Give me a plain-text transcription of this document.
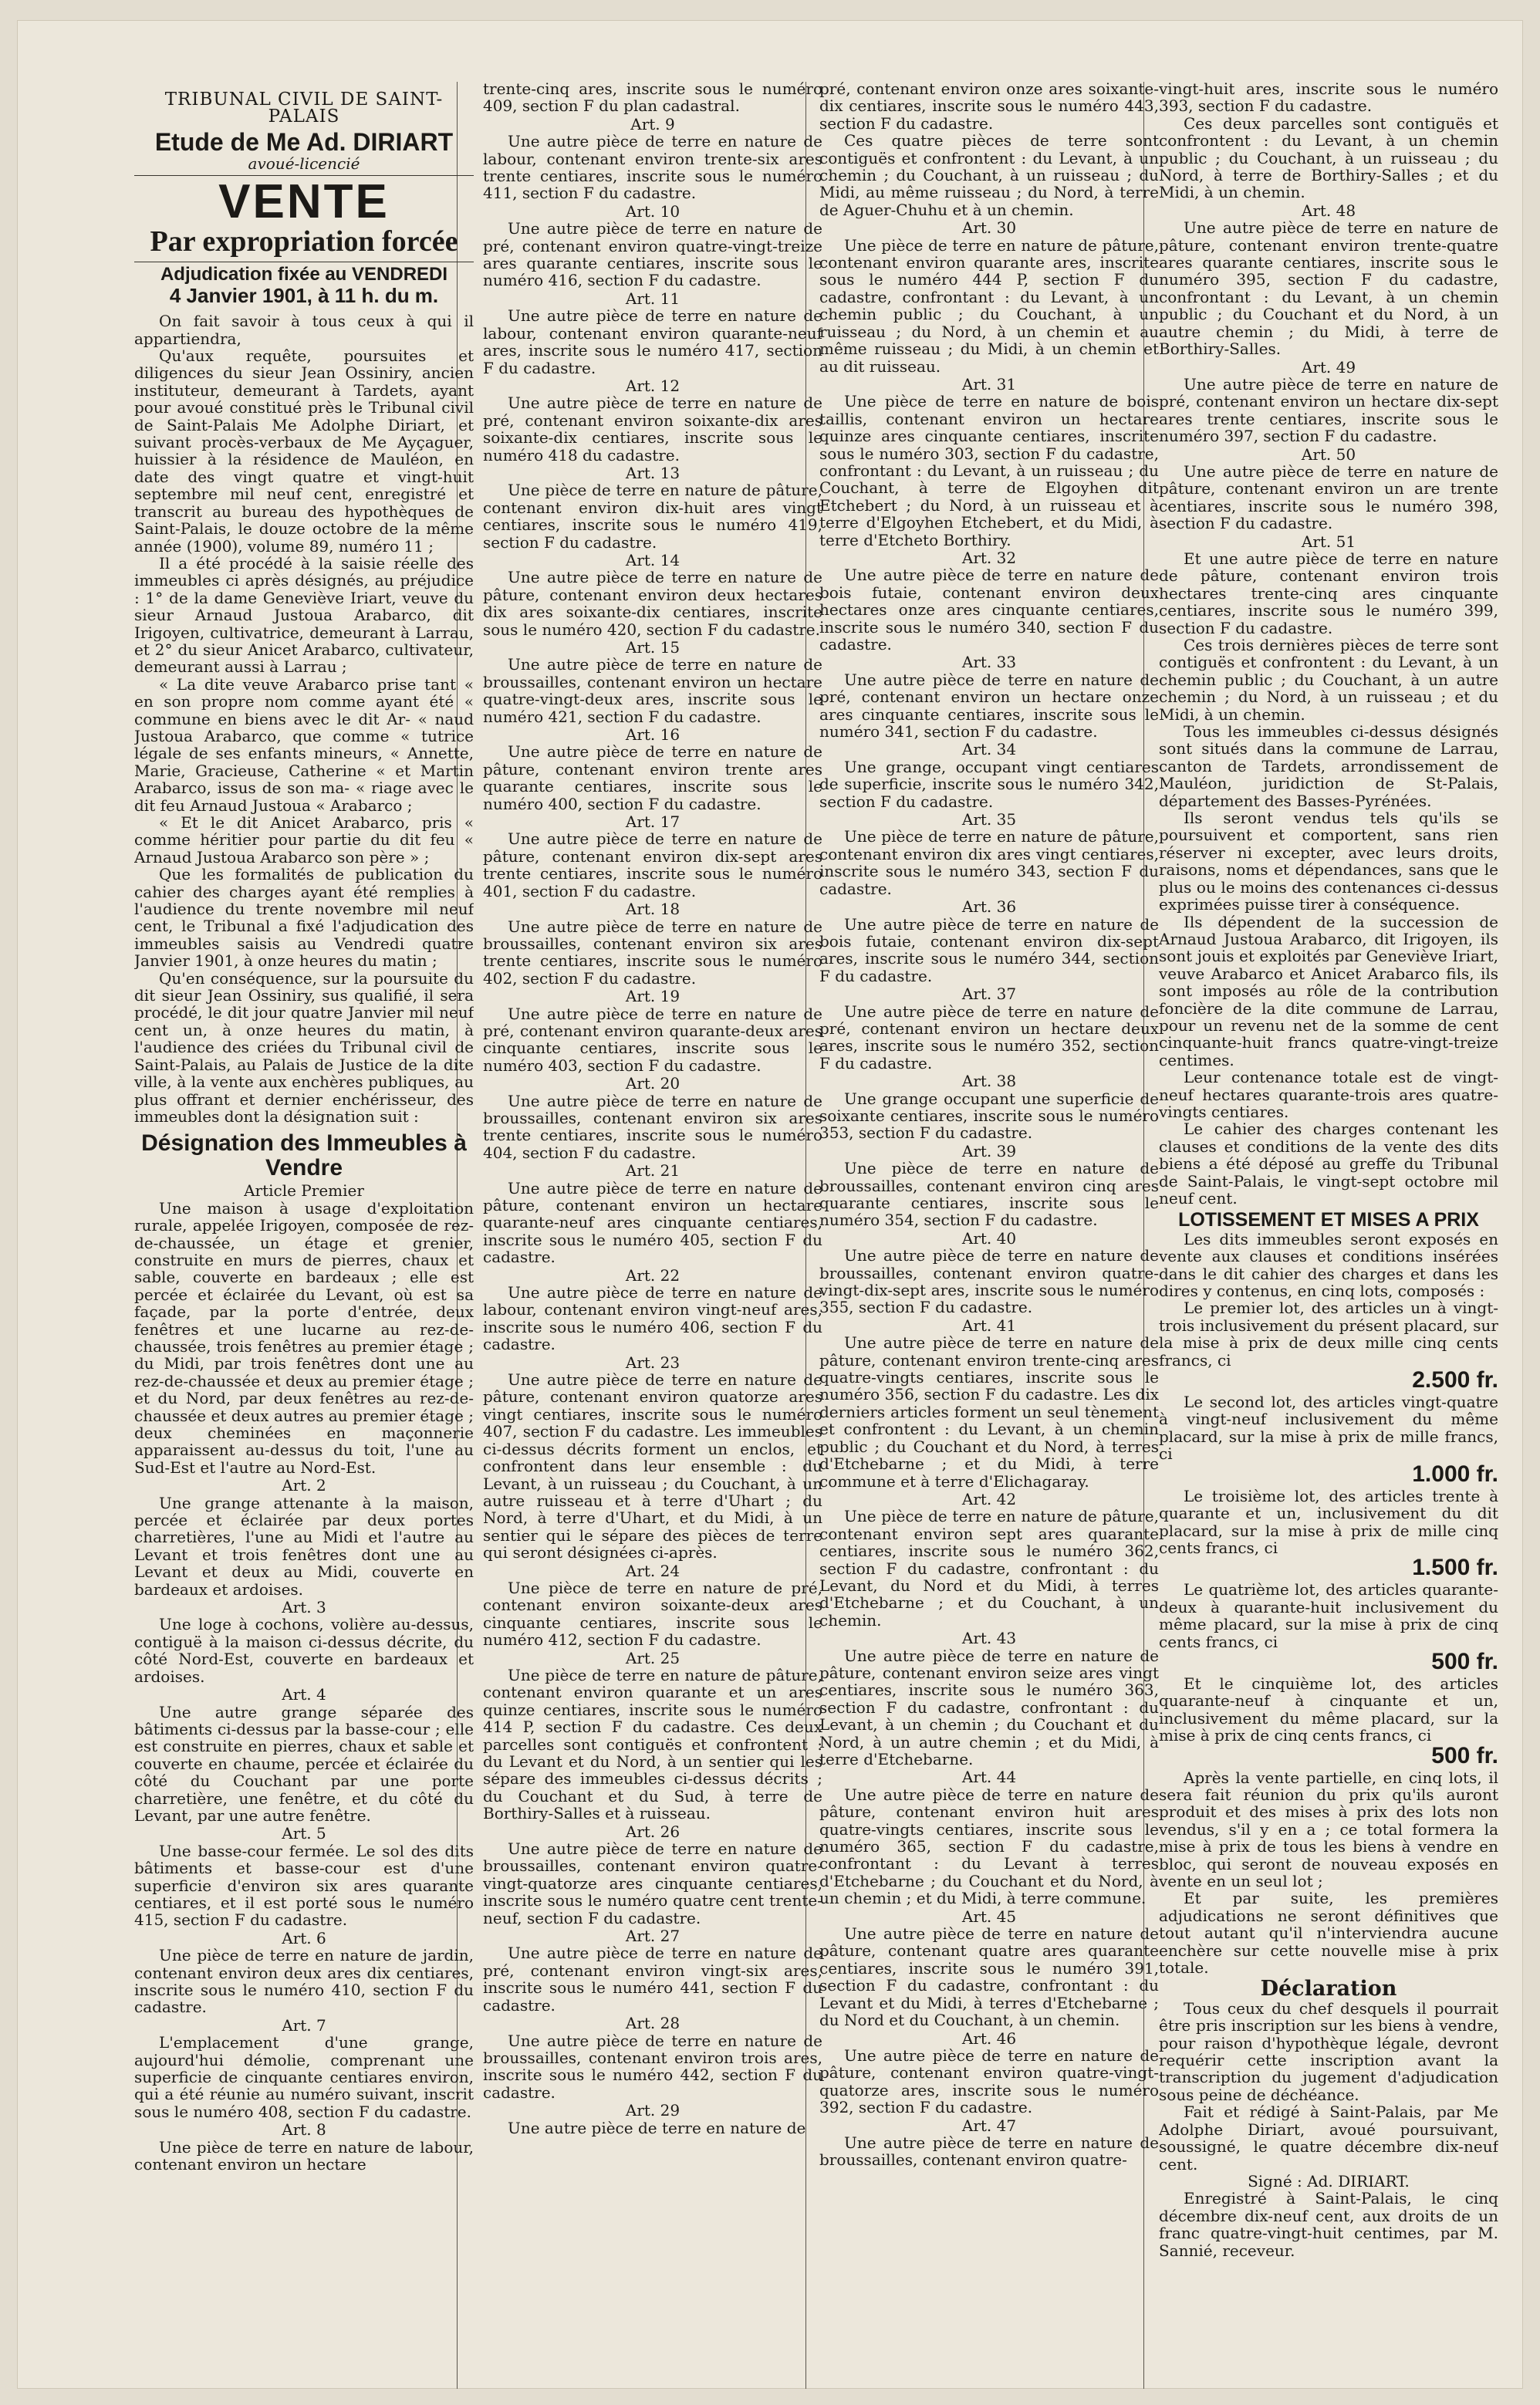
TRIBUNAL CIVIL DE SAINT-PALAIS

Etude de Me Ad. DIRIART

avoué-licencié

VENTE

Par expropriation forcée

Adjudication fixée au VENDREDI

4 Janvier 1901, à 11 h. du m.

On fait savoir à tous ceux à qui il appartiendra,

Qu'aux requête, poursuites et diligences du sieur Jean Ossiniry, ancien instituteur, demeurant à Tardets, ayant pour avoué constitué près le Tribunal civil de Saint-Palais Me Adolphe Diriart, et suivant procès-verbaux de Me Ayçaguer, huissier à la résidence de Mauléon, en date des vingt quatre et vingt-huit septembre mil neuf cent, enregistré et transcrit au bureau des hypothèques de Saint-Palais, le douze octobre de la même année (1900), volume 89, numéro 11 ;

Il a été procédé à la saisie réelle des immeubles ci après désignés, au préjudice : 1° de la dame Geneviève Iriart, veuve du sieur Arnaud Justoua Arabarco, dit Irigoyen, cultivatrice, demeurant à Larrau, et 2° du sieur Anicet Arabarco, cultivateur, demeurant aussi à Larrau ;

« La dite veuve Arabarco prise tant « en son propre nom comme ayant été « commune en biens avec le dit Ar- « naud Justoua Arabarco, que comme « tutrice légale de ses enfants mineurs, « Annette, Marie, Gracieuse, Catherine « et Martin Arabarco, issus de son ma- « riage avec le dit feu Arnaud Justoua « Arabarco ;

« Et le dit Anicet Arabarco, pris « comme héritier pour partie du dit feu « Arnaud Justoua Arabarco son père » ;

Que les formalités de publication du cahier des charges ayant été remplies à l'audience du trente novembre mil neuf cent, le Tribunal a fixé l'adjudication des immeubles saisis au Vendredi quatre Janvier 1901, à onze heures du matin ;

Qu'en conséquence, sur la poursuite du dit sieur Jean Ossiniry, sus qualifié, il sera procédé, le dit jour quatre Janvier mil neuf cent un, à onze heures du matin, à l'audience des criées du Tribunal civil de Saint-Palais, au Palais de Justice de la dite ville, à la vente aux enchères publiques, au plus offrant et dernier enchérisseur, des immeubles dont la désignation suit :

Désignation des Immeubles à Vendre

Article Premier

Une maison à usage d'exploitation rurale, appelée Irigoyen, composée de rez-de-chaussée, un étage et grenier, construite en murs de pierres, chaux et sable, couverte en bardeaux ; elle est percée et éclairée du Levant, où est sa façade, par la porte d'entrée, deux fenêtres et une lucarne au rez-de-chaussée, trois fenêtres au premier étage ; du Midi, par trois fenêtres dont une au rez-de-chaussée et deux au premier étage ; et du Nord, par deux fenêtres au rez-de-chaussée et deux autres au premier étage ; deux cheminées en maçonnerie apparaissent au-dessus du toit, l'une au Sud-Est et l'autre au Nord-Est.

Art. 2

Une grange attenante à la maison, percée et éclairée par deux portes charretières, l'une au Midi et l'autre au Levant et trois fenêtres dont une au Levant et deux au Midi, couverte en bardeaux et ardoises.

Art. 3

Une loge à cochons, volière au-dessus, contiguë à la maison ci-dessus décrite, du côté Nord-Est, couverte en bardeaux et ardoises.

Art. 4

Une autre grange séparée des bâtiments ci-dessus par la basse-cour ; elle est construite en pierres, chaux et sable et couverte en chaume, percée et éclairée du côté du Couchant par une porte charretière, une fenêtre, et du côté du Levant, par une autre fenêtre.

Art. 5

Une basse-cour fermée. Le sol des dits bâtiments et basse-cour est d'une superficie d'environ six ares quarante centiares, et il est porté sous le numéro 415, section F du cadastre.

Art. 6

Une pièce de terre en nature de jardin, contenant environ deux ares dix centiares, inscrite sous le numéro 410, section F du cadastre.

Art. 7

L'emplacement d'une grange, aujourd'hui démolie, comprenant une superficie de cinquante centiares environ, qui a été réunie au numéro suivant, inscrit sous le numéro 408, section F du cadastre.

Art. 8

Une pièce de terre en nature de labour, contenant environ un hectare

trente-cinq ares, inscrite sous le numéro 409, section F du plan cadastral.

Art. 9

Une autre pièce de terre en nature de labour, contenant environ trente-six ares trente centiares, inscrite sous le numéro 411, section F du cadastre.

Art. 10

Une autre pièce de terre en nature de pré, contenant environ quatre-vingt-treize ares quarante centiares, inscrite sous le numéro 416, section F du cadastre.

Art. 11

Une autre pièce de terre en nature de labour, contenant environ quarante-neuf ares, inscrite sous le numéro 417, section F du cadastre.

Art. 12

Une autre pièce de terre en nature de pré, contenant environ soixante-dix ares soixante-dix centiares, inscrite sous le numéro 418 du cadastre.

Art. 13

Une pièce de terre en nature de pâture, contenant environ dix-huit ares vingt centiares, inscrite sous le numéro 419, section F du cadastre.

Art. 14

Une autre pièce de terre en nature de pâture, contenant environ deux hectares dix ares soixante-dix centiares, inscrite sous le numéro 420, section F du cadastre.

Art. 15

Une autre pièce de terre en nature de broussailles, contenant environ un hectare quatre-vingt-deux ares, inscrite sous le numéro 421, section F du cadastre.

Art. 16

Une autre pièce de terre en nature de pâture, contenant environ trente ares quarante centiares, inscrite sous le numéro 400, section F du cadastre.

Art. 17

Une autre pièce de terre en nature de pâture, contenant environ dix-sept ares trente centiares, inscrite sous le numéro 401, section F du cadastre.

Art. 18

Une autre pièce de terre en nature de broussailles, contenant environ six ares trente centiares, inscrite sous le numéro 402, section F du cadastre.

Art. 19

Une autre pièce de terre en nature de pré, contenant environ quarante-deux ares cinquante centiares, inscrite sous le numéro 403, section F du cadastre.

Art. 20

Une autre pièce de terre en nature de broussailles, contenant environ six ares trente centiares, inscrite sous le numéro 404, section F du cadastre.

Art. 21

Une autre pièce de terre en nature de pâture, contenant environ un hectare quarante-neuf ares cinquante centiares, inscrite sous le numéro 405, section F du cadastre.

Art. 22

Une autre pièce de terre en nature de labour, contenant environ vingt-neuf ares, inscrite sous le numéro 406, section F du cadastre.

Art. 23

Une autre pièce de terre en nature de pâture, contenant environ quatorze ares vingt centiares, inscrite sous le numéro 407, section F du cadastre. Les immeubles ci-dessus décrits forment un enclos, et confrontent dans leur ensemble : du Levant, à un ruisseau ; du Couchant, à un autre ruisseau et à terre d'Uhart ; du Nord, à terre d'Uhart, et du Midi, à un sentier qui le sépare des pièces de terre qui seront désignées ci-après.

Art. 24

Une pièce de terre en nature de pré, contenant environ soixante-deux ares cinquante centiares, inscrite sous le numéro 412, section F du cadastre.

Art. 25

Une pièce de terre en nature de pâture, contenant environ quarante et un ares quinze centiares, inscrite sous le numéro 414 P, section F du cadastre. Ces deux parcelles sont contiguës et confrontent : du Levant et du Nord, à un sentier qui les sépare des immeubles ci-dessus décrits ; du Couchant et du Sud, à terre de Borthiry-Salles et à ruisseau.

Art. 26

Une autre pièce de terre en nature de broussailles, contenant environ quatre-vingt-quatorze ares cinquante centiares, inscrite sous le numéro quatre cent trente-neuf, section F du cadastre.

Art. 27

Une autre pièce de terre en nature de pré, contenant environ vingt-six ares, inscrite sous le numéro 441, section F du cadastre.

Art. 28

Une autre pièce de terre en nature de broussailles, contenant environ trois ares, inscrite sous le numéro 442, section F du cadastre.

Art. 29

Une autre pièce de terre en nature de

pré, contenant environ onze ares soixante-dix centiares, inscrite sous le numéro 443, section F du cadastre.

Ces quatre pièces de terre sont contiguës et confrontent : du Levant, à un chemin ; du Couchant, à un ruisseau ; du Midi, au même ruisseau ; du Nord, à terre de Aguer-Chuhu et à un chemin.

Art. 30

Une pièce de terre en nature de pâture, contenant environ quarante ares, inscrite sous le numéro 444 P, section F du cadastre, confrontant : du Levant, à un chemin public ; du Couchant, à un ruisseau ; du Nord, à un chemin et au même ruisseau ; du Midi, à un chemin et au dit ruisseau.

Art. 31

Une pièce de terre en nature de bois taillis, contenant environ un hectare quinze ares cinquante centiares, inscrite sous le numéro 303, section F du cadastre, confrontant : du Levant, à un ruisseau ; du Couchant, à terre de Elgoyhen dit Etchebert ; du Nord, à un ruisseau et à terre d'Elgoyhen Etchebert, et du Midi, à terre d'Etcheto Borthiry.

Art. 32

Une autre pièce de terre en nature de bois futaie, contenant environ deux hectares onze ares cinquante centiares, inscrite sous le numéro 340, section F du cadastre.

Art. 33

Une autre pièce de terre en nature de pré, contenant environ un hectare onze ares cinquante centiares, inscrite sous le numéro 341, section F du cadastre.

Art. 34

Une grange, occupant vingt centiares de superficie, inscrite sous le numéro 342, section F du cadastre.

Art. 35

Une pièce de terre en nature de pâture, contenant environ dix ares vingt centiares, inscrite sous le numéro 343, section F du cadastre.

Art. 36

Une autre pièce de terre en nature de bois futaie, contenant environ dix-sept ares, inscrite sous le numéro 344, section F du cadastre.

Art. 37

Une autre pièce de terre en nature de pré, contenant environ un hectare deux ares, inscrite sous le numéro 352, section F du cadastre.

Art. 38

Une grange occupant une superficie de soixante centiares, inscrite sous le numéro 353, section F du cadastre.

Art. 39

Une pièce de terre en nature de broussailles, contenant environ cinq ares quarante centiares, inscrite sous le numéro 354, section F du cadastre.

Art. 40

Une autre pièce de terre en nature de broussailles, contenant environ quatre-vingt-dix-sept ares, inscrite sous le numéro 355, section F du cadastre.

Art. 41

Une autre pièce de terre en nature de pâture, contenant environ trente-cinq ares quatre-vingts centiares, inscrite sous le numéro 356, section F du cadastre. Les dix derniers articles forment un seul tènement et confrontent : du Levant, à un chemin public ; du Couchant et du Nord, à terres d'Etchebarne ; et du Midi, à terre commune et à terre d'Elichagaray.

Art. 42

Une pièce de terre en nature de pâture, contenant environ sept ares quarante centiares, inscrite sous le numéro 362, section F du cadastre, confrontant : du Levant, du Nord et du Midi, à terres d'Etchebarne ; et du Couchant, à un chemin.

Art. 43

Une autre pièce de terre en nature de pâture, contenant environ seize ares vingt centiares, inscrite sous le numéro 363, section F du cadastre, confrontant : du Levant, à un chemin ; du Couchant et du Nord, à un autre chemin ; et du Midi, à terre d'Etchebarne.

Art. 44

Une autre pièce de terre en nature de pâture, contenant environ huit ares quatre-vingts centiares, inscrite sous le numéro 365, section F du cadastre, confrontant : du Levant à terres d'Etchebarne ; du Couchant et du Nord, à un chemin ; et du Midi, à terre commune.

Art. 45

Une autre pièce de terre en nature de pâture, contenant quatre ares quarante centiares, inscrite sous le numéro 391, section F du cadastre, confrontant : du Levant et du Midi, à terres d'Etchebarne ; du Nord et du Couchant, à un chemin.

Art. 46

Une autre pièce de terre en nature de pâture, contenant environ quatre-vingt-quatorze ares, inscrite sous le numéro 392, section F du cadastre.

Art. 47

Une autre pièce de terre en nature de broussailles, contenant environ quatre-

vingt-huit ares, inscrite sous le numéro 393, section F du cadastre.

Ces deux parcelles sont contiguës et confrontent : du Levant, à un chemin public ; du Couchant, à un ruisseau ; du Nord, à terre de Borthiry-Salles ; et du Midi, à un chemin.

Art. 48

Une autre pièce de terre en nature de pâture, contenant environ trente-quatre ares quarante centiares, inscrite sous le numéro 395, section F du cadastre, confrontant : du Levant, à un chemin public ; du Couchant et du Nord, à un autre chemin ; du Midi, à terre de Borthiry-Salles.

Art. 49

Une autre pièce de terre en nature de pré, contenant environ un hectare dix-sept ares trente centiares, inscrite sous le numéro 397, section F du cadastre.

Art. 50

Une autre pièce de terre en nature de pâture, contenant environ un are trente centiares, inscrite sous le numéro 398, section F du cadastre.

Art. 51

Et une autre pièce de terre en nature de pâture, contenant environ trois hectares trente-cinq ares cinquante centiares, inscrite sous le numéro 399, section F du cadastre.

Ces trois dernières pièces de terre sont contiguës et confrontent : du Levant, à un chemin public ; du Couchant, à un autre chemin ; du Nord, à un ruisseau ; et du Midi, à un chemin.

Tous les immeubles ci-dessus désignés sont situés dans la commune de Larrau, canton de Tardets, arrondissement de Mauléon, juridiction de St-Palais, département des Basses-Pyrénées.

Ils seront vendus tels qu'ils se poursuivent et comportent, sans rien réserver ni excepter, avec leurs droits, raisons, noms et dépendances, sans que le plus ou le moins des contenances ci-dessus exprimées puisse tirer à conséquence.

Ils dépendent de la succession de Arnaud Justoua Arabarco, dit Irigoyen, ils sont jouis et exploités par Geneviève Iriart, veuve Arabarco et Anicet Arabarco fils, ils sont imposés au rôle de la contribution foncière de la dite commune de Larrau, pour un revenu net de la somme de cent cinquante-huit francs quatre-vingt-treize centimes.

Leur contenance totale est de vingt-neuf hectares quarante-trois ares quatre-vingts centiares.

Le cahier des charges contenant les clauses et conditions de la vente des dits biens a été déposé au greffe du Tribunal de Saint-Palais, le vingt-sept octobre mil neuf cent.

LOTISSEMENT ET MISES A PRIX

Les dits immeubles seront exposés en vente aux clauses et conditions insérées dans le dit cahier des charges et dans les dires y contenus, en cinq lots, composés :

Le premier lot, des articles un à vingt-trois inclusivement du présent placard, sur la mise à prix de deux mille cinq cents francs, ci

2.500 fr.

Le second lot, des articles vingt-quatre à vingt-neuf inclusivement du même placard, sur la mise à prix de mille francs, ci

1.000 fr.

Le troisième lot, des articles trente à quarante et un, inclusivement du dit placard, sur la mise à prix de mille cinq cents francs, ci

1.500 fr.

Le quatrième lot, des articles quarante-deux à quarante-huit inclusivement du même placard, sur la mise à prix de cinq cents francs, ci

500 fr.

Et le cinquième lot, des articles quarante-neuf à cinquante et un, inclusivement du même placard, sur la mise à prix de cinq cents francs, ci

500 fr.

Après la vente partielle, en cinq lots, il sera fait réunion du prix qu'ils auront produit et des mises à prix des lots non vendus, s'il y en a ; ce total formera la mise à prix de tous les biens à vendre en bloc, qui seront de nouveau exposés en vente en un seul lot ;

Et par suite, les premières adjudications ne seront définitives que tout autant qu'il n'interviendra aucune enchère sur cette nouvelle mise à prix totale.

Déclaration

Tous ceux du chef desquels il pourrait être pris inscription sur les biens à vendre, pour raison d'hypothèque légale, devront requérir cette inscription avant la transcription du jugement d'adjudication sous peine de déchéance.

Fait et rédigé à Saint-Palais, par Me Adolphe Diriart, avoué poursuivant, soussigné, le quatre décembre dix-neuf cent.

Signé : Ad. DIRIART.

Enregistré à Saint-Palais, le cinq décembre dix-neuf cent, aux droits de un franc quatre-vingt-huit centimes, par M. Sannié, receveur.
